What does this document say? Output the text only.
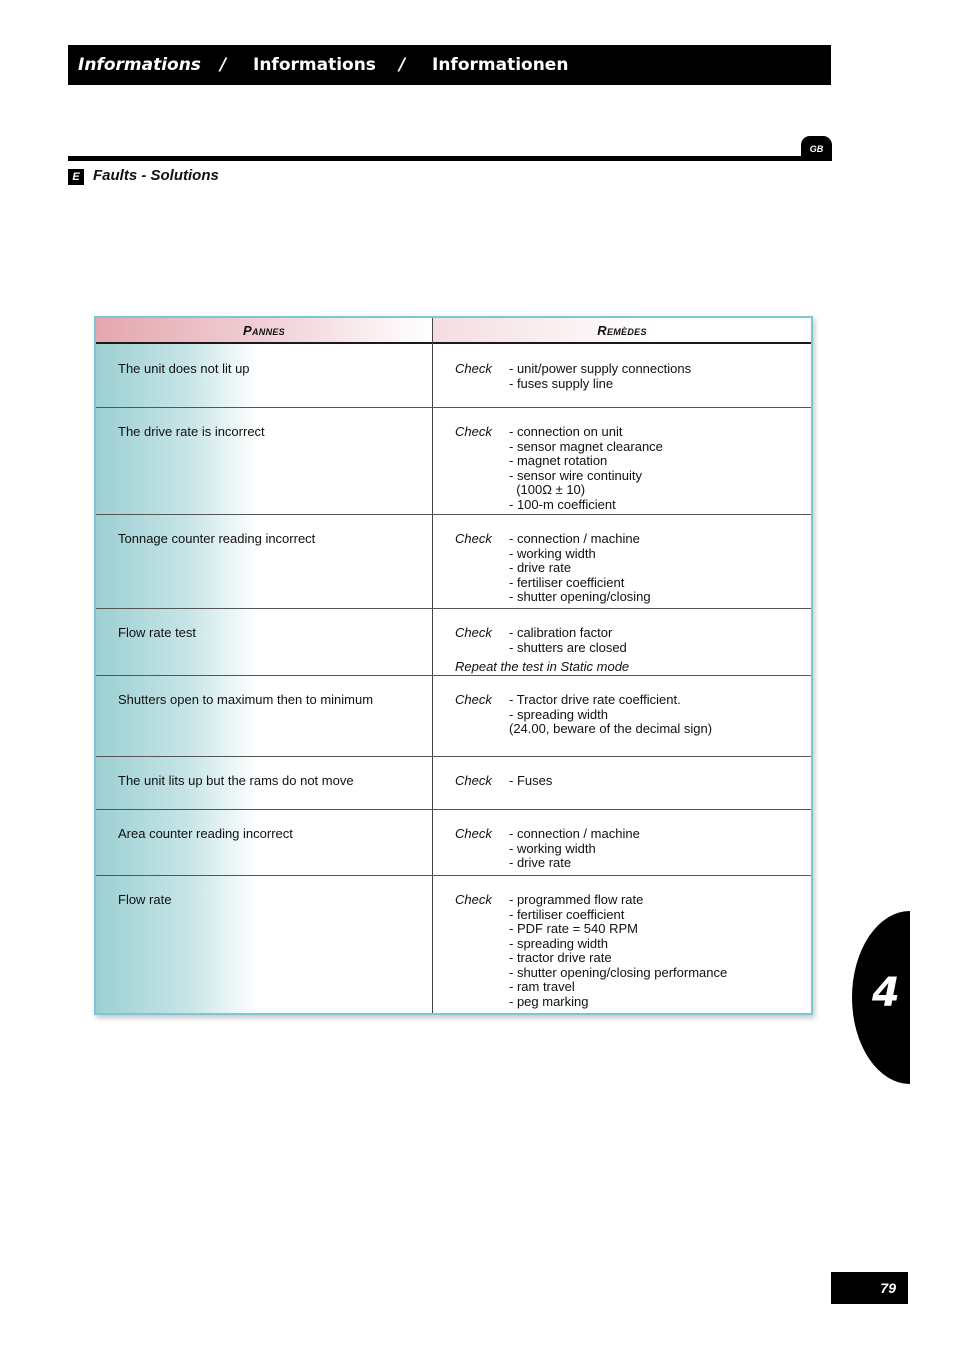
Informations / Informations / Informationen
GB
E Faults - Solutions
Pannes	Remèdes
The unit does not lit up	Check - unit/power supply connections
- fuses supply line
The drive rate is incorrect	Check - connection on unit
- sensor magnet clearance
- magnet rotation
- sensor wire continuity
(100Ω ± 10)
- 100-m coefficient
Tonnage counter reading incorrect	Check - connection / machine
- working width
- drive rate
- fertiliser coefficient
- shutter opening/closing
Flow rate test	Check - calibration factor
- shutters are closed
Repeat the test in Static mode
Shutters open to maximum then to minimum	Check - Tractor drive rate coefficient.
- spreading width
(24.00, beware of the decimal sign)
The unit lits up but the rams do not move	Check - Fuses
Area counter reading incorrect	Check - connection / machine
- working width
- drive rate
Flow rate	Check - programmed flow rate
- fertiliser coefficient
- PDF rate = 540 RPM
- spreading width
- tractor drive rate
- shutter opening/closing performance
- ram travel
- peg marking	4
79
